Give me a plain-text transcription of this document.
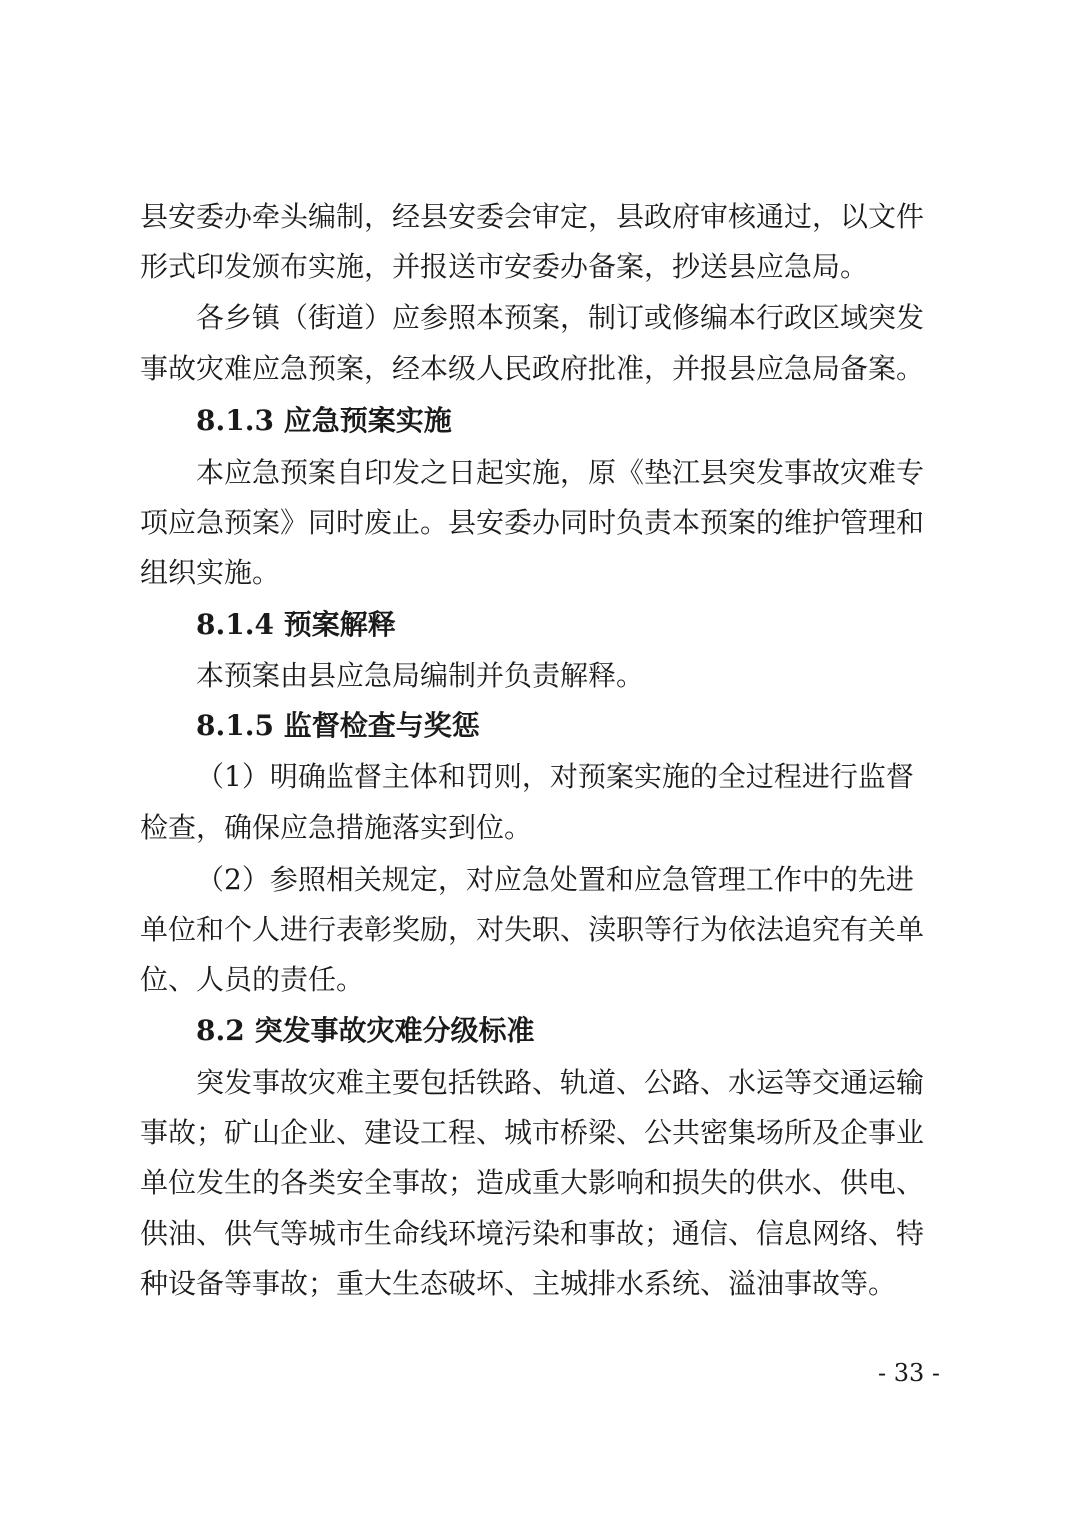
县安委办牵头编制，经县安委会审定，县政府审核通过，以文件
形式印发颁布实施，并报送市安委办备案，抄送县应急局。
各乡镇（街道）应参照本预案，制订或修编本行政区域突发
事故灾难应急预案，经本级人民政府批准，并报县应急局备案。
8.1.3 应急预案实施
本应急预案自印发之日起实施，原《垫江县突发事故灾难专
项应急预案》同时废止。县安委办同时负责本预案的维护管理和
组织实施。
8.1.4 预案解释
本预案由县应急局编制并负责解释。
8.1.5 监督检查与奖惩
（1）明确监督主体和罚则，对预案实施的全过程进行监督
检查，确保应急措施落实到位。
（2）参照相关规定，对应急处置和应急管理工作中的先进
单位和个人进行表彰奖励，对失职、渎职等行为依法追究有关单
位、人员的责任。
8.2 突发事故灾难分级标准
突发事故灾难主要包括铁路、轨道、公路、水运等交通运输
事故；矿山企业、建设工程、城市桥梁、公共密集场所及企事业
单位发生的各类安全事故；造成重大影响和损失的供水、供电、
供油、供气等城市生命线环境污染和事故；通信、信息网络、特
种设备等事故；重大生态破坏、主城排水系统、溢油事故等。
- 33 -
